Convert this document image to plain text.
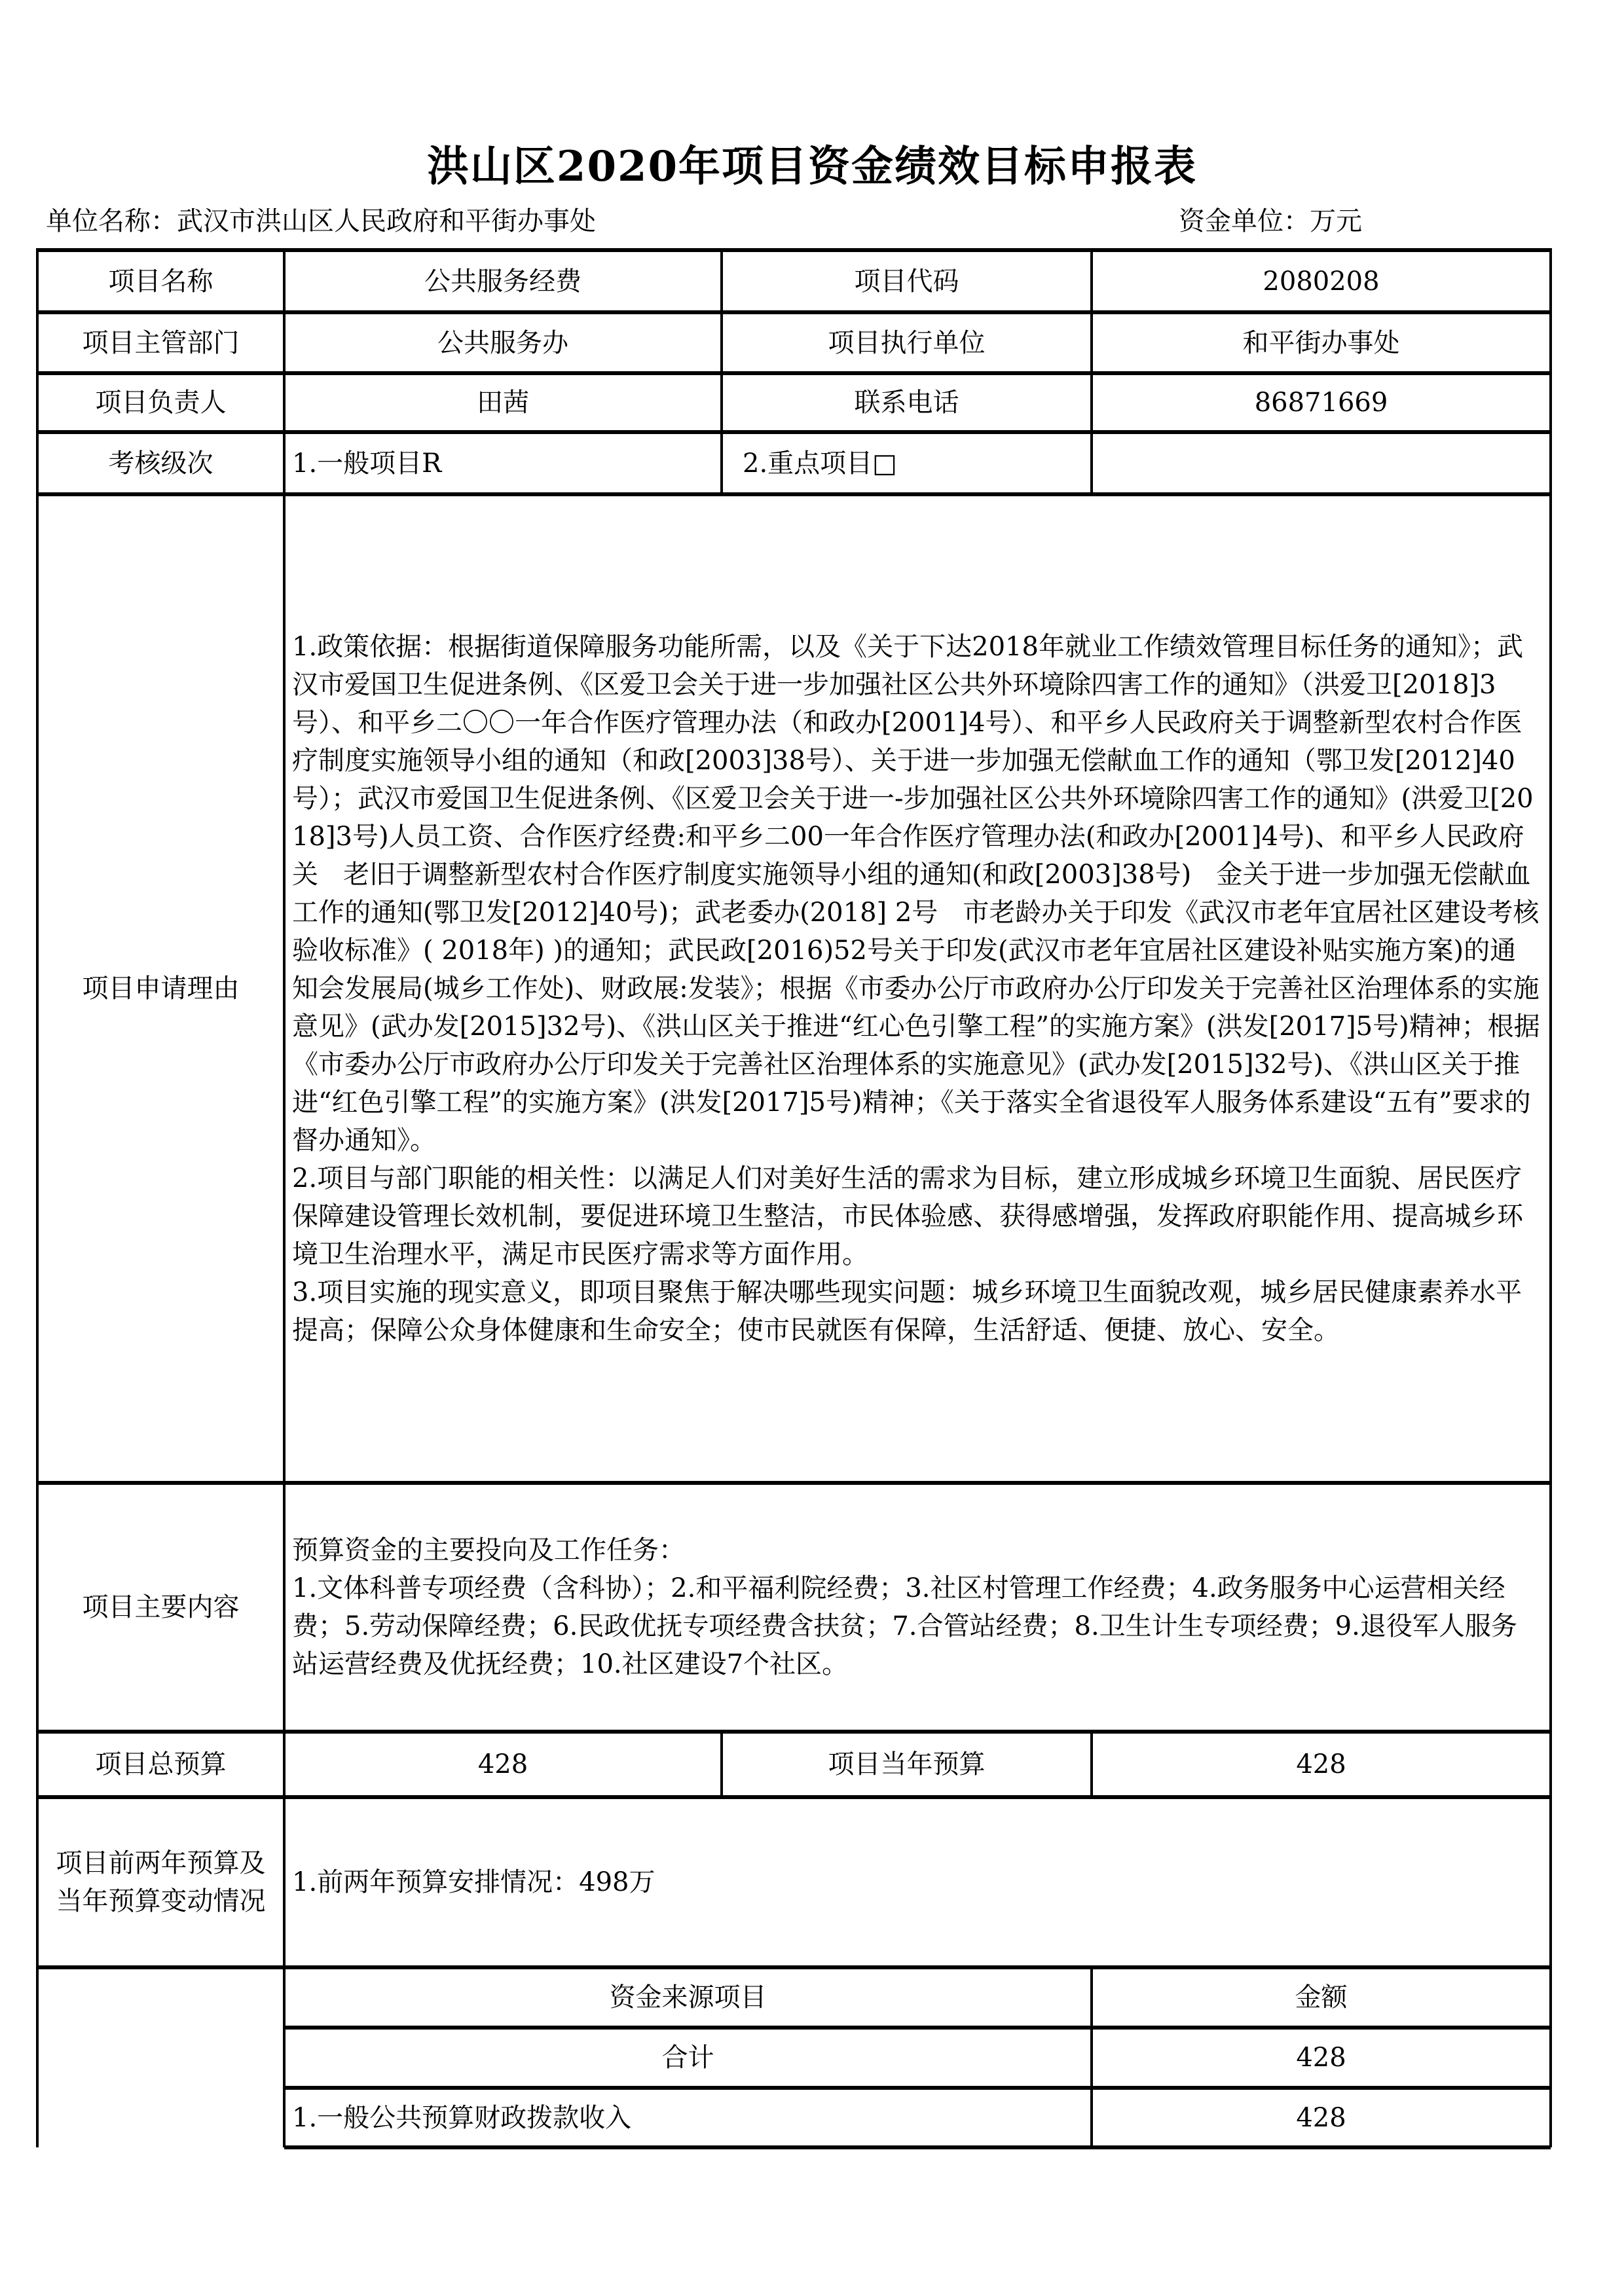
洪山区2020年项目资金绩效目标申报表
单位名称：武汉市洪山区人民政府和平街办事处	资金单位：万元
项目名称	公共服务经费	项目代码	2080208
项目主管部门	公共服务办	项目执行单位	和平街办事处
项目负责人	田茜	联系电话	86871669
考核级次	1.一般项目R	2.重点项目□
项目申请理由
1.政策依据：根据街道保障服务功能所需，以及《关于下达2018年就业工作绩效管理目标任务的通知》；武汉市爱国卫生促进条例、《区爱卫会关于进一步加强社区公共外环境除四害工作的通知》（洪爱卫[2018]3号）、和平乡二〇〇一年合作医疗管理办法（和政办[2001]4号）、和平乡人民政府关于调整新型农村合作医疗制度实施领导小组的通知（和政[2003]38号）、关于进一步加强无偿献血工作的通知（鄂卫发[2012]40号）；武汉市爱国卫生促进条例、《区爱卫会关于进一-步加强社区公共外环境除四害工作的通知》(洪爱卫[2018]3号)人员工资、合作医疗经费:和平乡二00一年合作医疗管理办法(和政办[2001]4号)、和平乡人民政府关   老旧于调整新型农村合作医疗制度实施领导小组的通知(和政[2003]38号)   金关于进一步加强无偿献血工作的通知(鄂卫发[2012]40号)；武老委办(2018] 2号   市老龄办关于印发《武汉市老年宜居社区建设考核验收标准》( 2018年) )的通知；武民政[2016)52号关于印发(武汉市老年宜居社区建设补贴实施方案)的通知会发展局(城乡工作处)、财政展:发装》；根据《市委办公厅市政府办公厅印发关于完善社区治理体系的实施意见》(武办发[2015]32号)、《洪山区关于推进“红心色引擎工程”的实施方案》(洪发[2017]5号)精神；根据《市委办公厅市政府办公厅印发关于完善社区治理体系的实施意见》(武办发[2015]32号)、《洪山区关于推进“红色引擎工程”的实施方案》(洪发[2017]5号)精神；《关于落实全省退役军人服务体系建设“五有”要求的督办通知》。
2.项目与部门职能的相关性：以满足人们对美好生活的需求为目标，建立形成城乡环境卫生面貌、居民医疗保障建设管理长效机制，要促进环境卫生整洁，市民体验感、获得感增强，发挥政府职能作用、提高城乡环境卫生治理水平，满足市民医疗需求等方面作用。
3.项目实施的现实意义，即项目聚焦于解决哪些现实问题：城乡环境卫生面貌改观，城乡居民健康素养水平提高；保障公众身体健康和生命安全；使市民就医有保障，生活舒适、便捷、放心、安全。
项目主要内容
预算资金的主要投向及工作任务：
1.文体科普专项经费（含科协）；2.和平福利院经费；3.社区村管理工作经费；4.政务服务中心运营相关经费；5.劳动保障经费；6.民政优抚专项经费含扶贫；7.合管站经费；8.卫生计生专项经费；9.退役军人服务站运营经费及优抚经费；10.社区建设7个社区。
项目总预算	428	项目当年预算	428
项目前两年预算及当年预算变动情况
1.前两年预算安排情况：498万
资金来源项目	金额
合计	428
1.一般公共预算财政拨款收入	428
